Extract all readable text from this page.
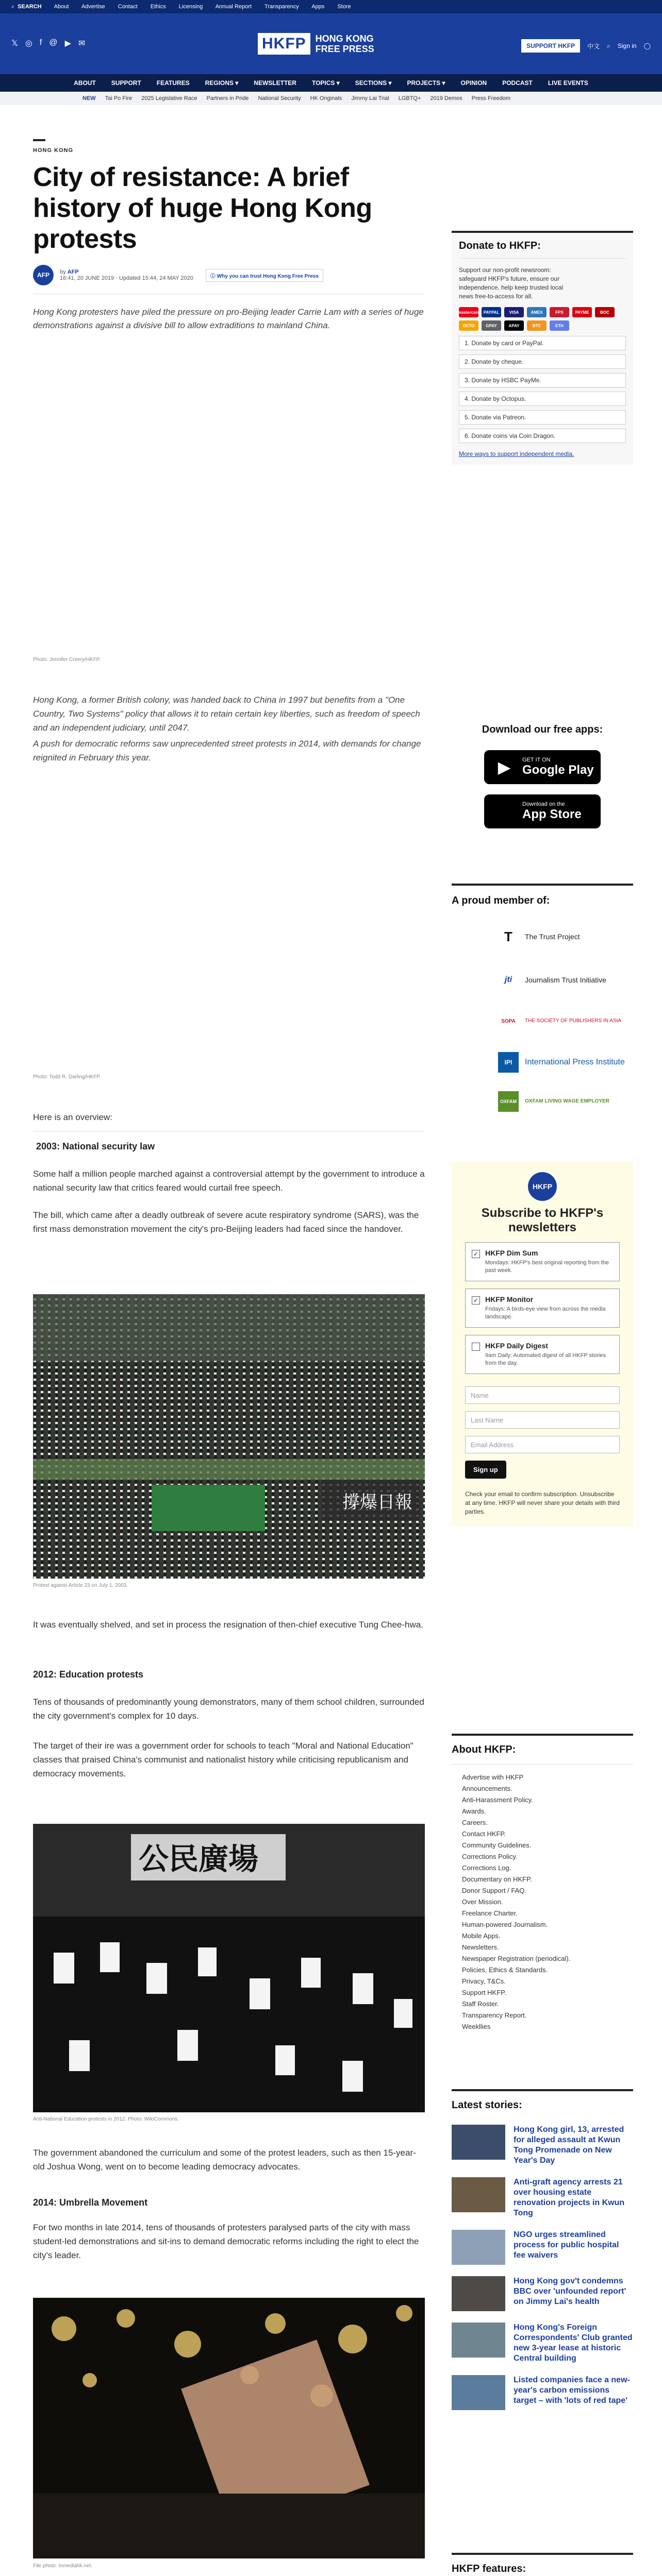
⌕ SEARCH About Advertise Contact Ethics Licensing Annual Report Transparency Apps Store
𝕏 ◎ f @ ▶ ✉	HKFP	HONG KONG
FREE PRESS	SUPPORT HKFP	中文 ⌕ Sign in ◯
ABOUT	SUPPORT	FEATURES	REGIONS ▾	NEWSLETTER	TOPICS ▾	SECTIONS ▾	PROJECTS ▾	OPINION	PODCAST	LIVE EVENTS
NEW Tai Po Fire 2025 Legislative Race Partners in Pride National Security HK Originals Jimmy Lai Trial LGBTQ+ 2019 Demos Press Freedom
HONG KONG
City of resistance: A brief history of huge Hong Kong protests
AFP	by AFP
16:41, 20 JUNE 2019 · Updated 15:44, 24 MAY 2020	ⓘ Why you can trust Hong Kong Free Press
Hong Kong protesters have piled the pressure on pro-Beijing leader Carrie Lam with a series of huge demonstrations against a divisive bill to allow extraditions to mainland China.
Photo: Jennifer Creery/HKFP.
Hong Kong, a former British colony, was handed back to China in 1997 but benefits from a "One Country, Two Systems" policy that allows it to retain certain key liberties, such as freedom of speech and an independent judiciary, until 2047.
A push for democratic reforms saw unprecedented street protests in 2014, with demands for change reignited in February this year.
Photo: Todd R. Darling/HKFP.
Here is an overview:
2003: National security law
Some half a million people marched against a controversial attempt by the government to introduce a national security law that critics feared would curtail free speech.
The bill, which came after a deadly outbreak of severe acute respiratory syndrome (SARS), was the first mass demonstration movement the city's pro-Beijing leaders had faced since the handover.
撐爆日報
Protest against Article 23 on July 1, 2003.
It was eventually shelved, and set in process the resignation of then-chief executive Tung Chee-hwa.
2012: Education protests
Tens of thousands of predominantly young demonstrators, many of them school children, surrounded the city government's complex for 10 days.
The target of their ire was a government order for schools to teach "Moral and National Education" classes that praised China's communist and nationalist history while criticising republicanism and democracy movements.
公民廣場
Anti-National Education protests in 2012. Photo: WikiCommons.
The government abandoned the curriculum and some of the protest leaders, such as then 15-year-old Joshua Wong, went on to become leading democracy advocates.
2014: Umbrella Movement
For two months in late 2014, tens of thousands of protesters paralysed parts of the city with mass student-led demonstrations and sit-ins to demand democratic reforms including the right to elect the city's leader.
File photo: Inmediahk.net.
Donate to HKFP:
Support our non-profit newsroom: safeguard HKFP's future, ensure our independence, help keep trusted local news free-to-access for all.
mastercard PAYPAL	VISA	AMEX	FPS	PAYME	BOC
OCTO	GPAY	APAY	BTC	ETH
1. Donate by card or PayPal.
2. Donate by cheque.
3. Donate by HSBC PayMe.
4. Donate by Octopus.
5. Donate via Patreon.
6. Donate coins via Coin Dragon.
More ways to support independent media.
Download our free apps:
▶	GET IT ON
Google Play
Download on the
App Store
A proud member of:
T	The Trust Project
jti	Journalism Trust Initiative
SOPA	THE SOCIETY OF PUBLISHERS IN ASIA
IPI	International Press Institute
OXFAM	OXFAM LIVING WAGE EMPLOYER
HKFP
Subscribe to HKFP's newsletters
✓ HKFP Dim Sum
Mondays: HKFP's best original reporting from the past week.
✓ HKFP Monitor
Fridays: A birds-eye view from across the media landscape.
HKFP Daily Digest
9am Daily: Automated digest of all HKFP stories from the day.
Name
Last Name
Email Address
Sign up
Check your email to confirm subscription. Unsubscribe at any time. HKFP will never share your details with third parties.
About HKFP:
Advertise with HKFP
Announcements.
Anti-Harassment Policy.
Awards.
Careers.
Contact HKFP.
Community Guidelines.
Corrections Policy.
Corrections Log.
Documentary on HKFP.
Donor Support / FAQ.
Over Mission.
Freelance Charter.
Human-powered Journalism.
Mobile Apps.
Newsletters.
Newspaper Registration (periodical).
Policies, Ethics & Standards.
Privacy, T&Cs.
Support HKFP.
Staff Roster.
Transparency Report.
Weekllies
Latest stories:
Hong Kong girl, 13, arrested for alleged assault at Kwun Tong Promenade on New Year's Day
Anti-graft agency arrests 21 over housing estate renovation projects in Kwun Tong
NGO urges streamlined process for public hospital fee waivers
Hong Kong gov't condemns BBC over 'unfounded report' on Jimmy Lai's health
Hong Kong's Foreign Correspondents' Club granted new 3-year lease at historic Central building
Listed companies face a new-year's carbon emissions target – with 'lots of red tape'
HKFP features:
